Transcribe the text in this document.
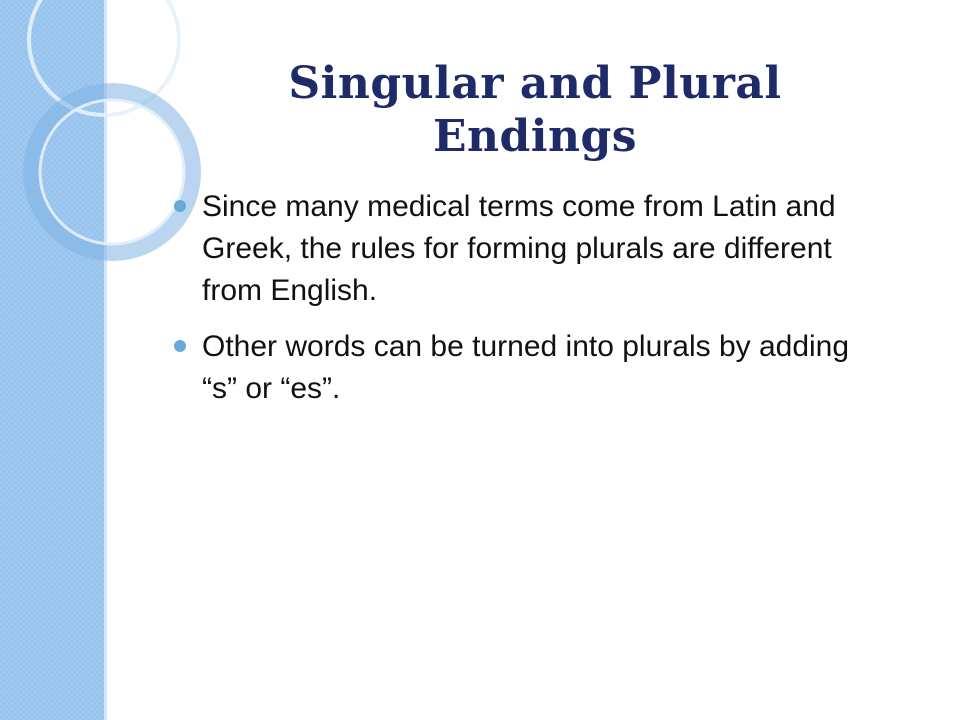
Singular and Plural Endings
Since many medical terms come from Latin and Greek, the rules for forming plurals are different from English.
Other words can be turned into plurals by adding “s” or “es”.
